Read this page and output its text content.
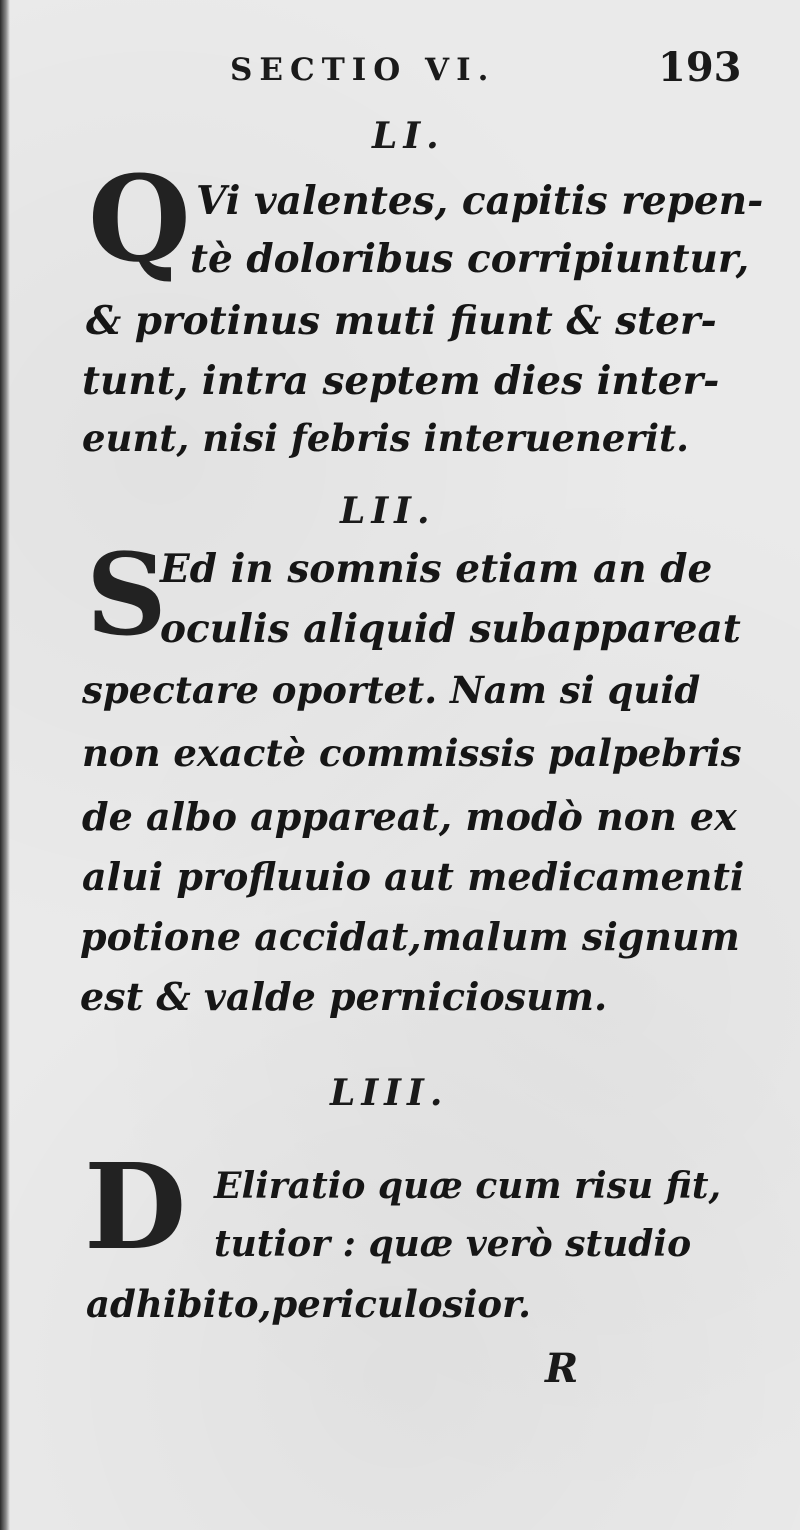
SECTIO VI.	193
LI.
Q Vi valentes, capitis repen-
tè doloribus corripiuntur,
& protinus muti fiunt & ster-
tunt, intra septem dies inter-
eunt, nisi febris interuenerit.
LII.
S
Ed in somnis etiam an de
oculis aliquid subappareat
spectare oportet. Nam si quid
non exactè commissis palpebris
de albo appareat, modò non ex
alui profluuio aut medicamenti
potione accidat,malum signum
est & valde perniciosum.
LIII.
D Eliratio quæ cum risu fit,
tutior : quæ verò studio
adhibito,periculosior.
R
